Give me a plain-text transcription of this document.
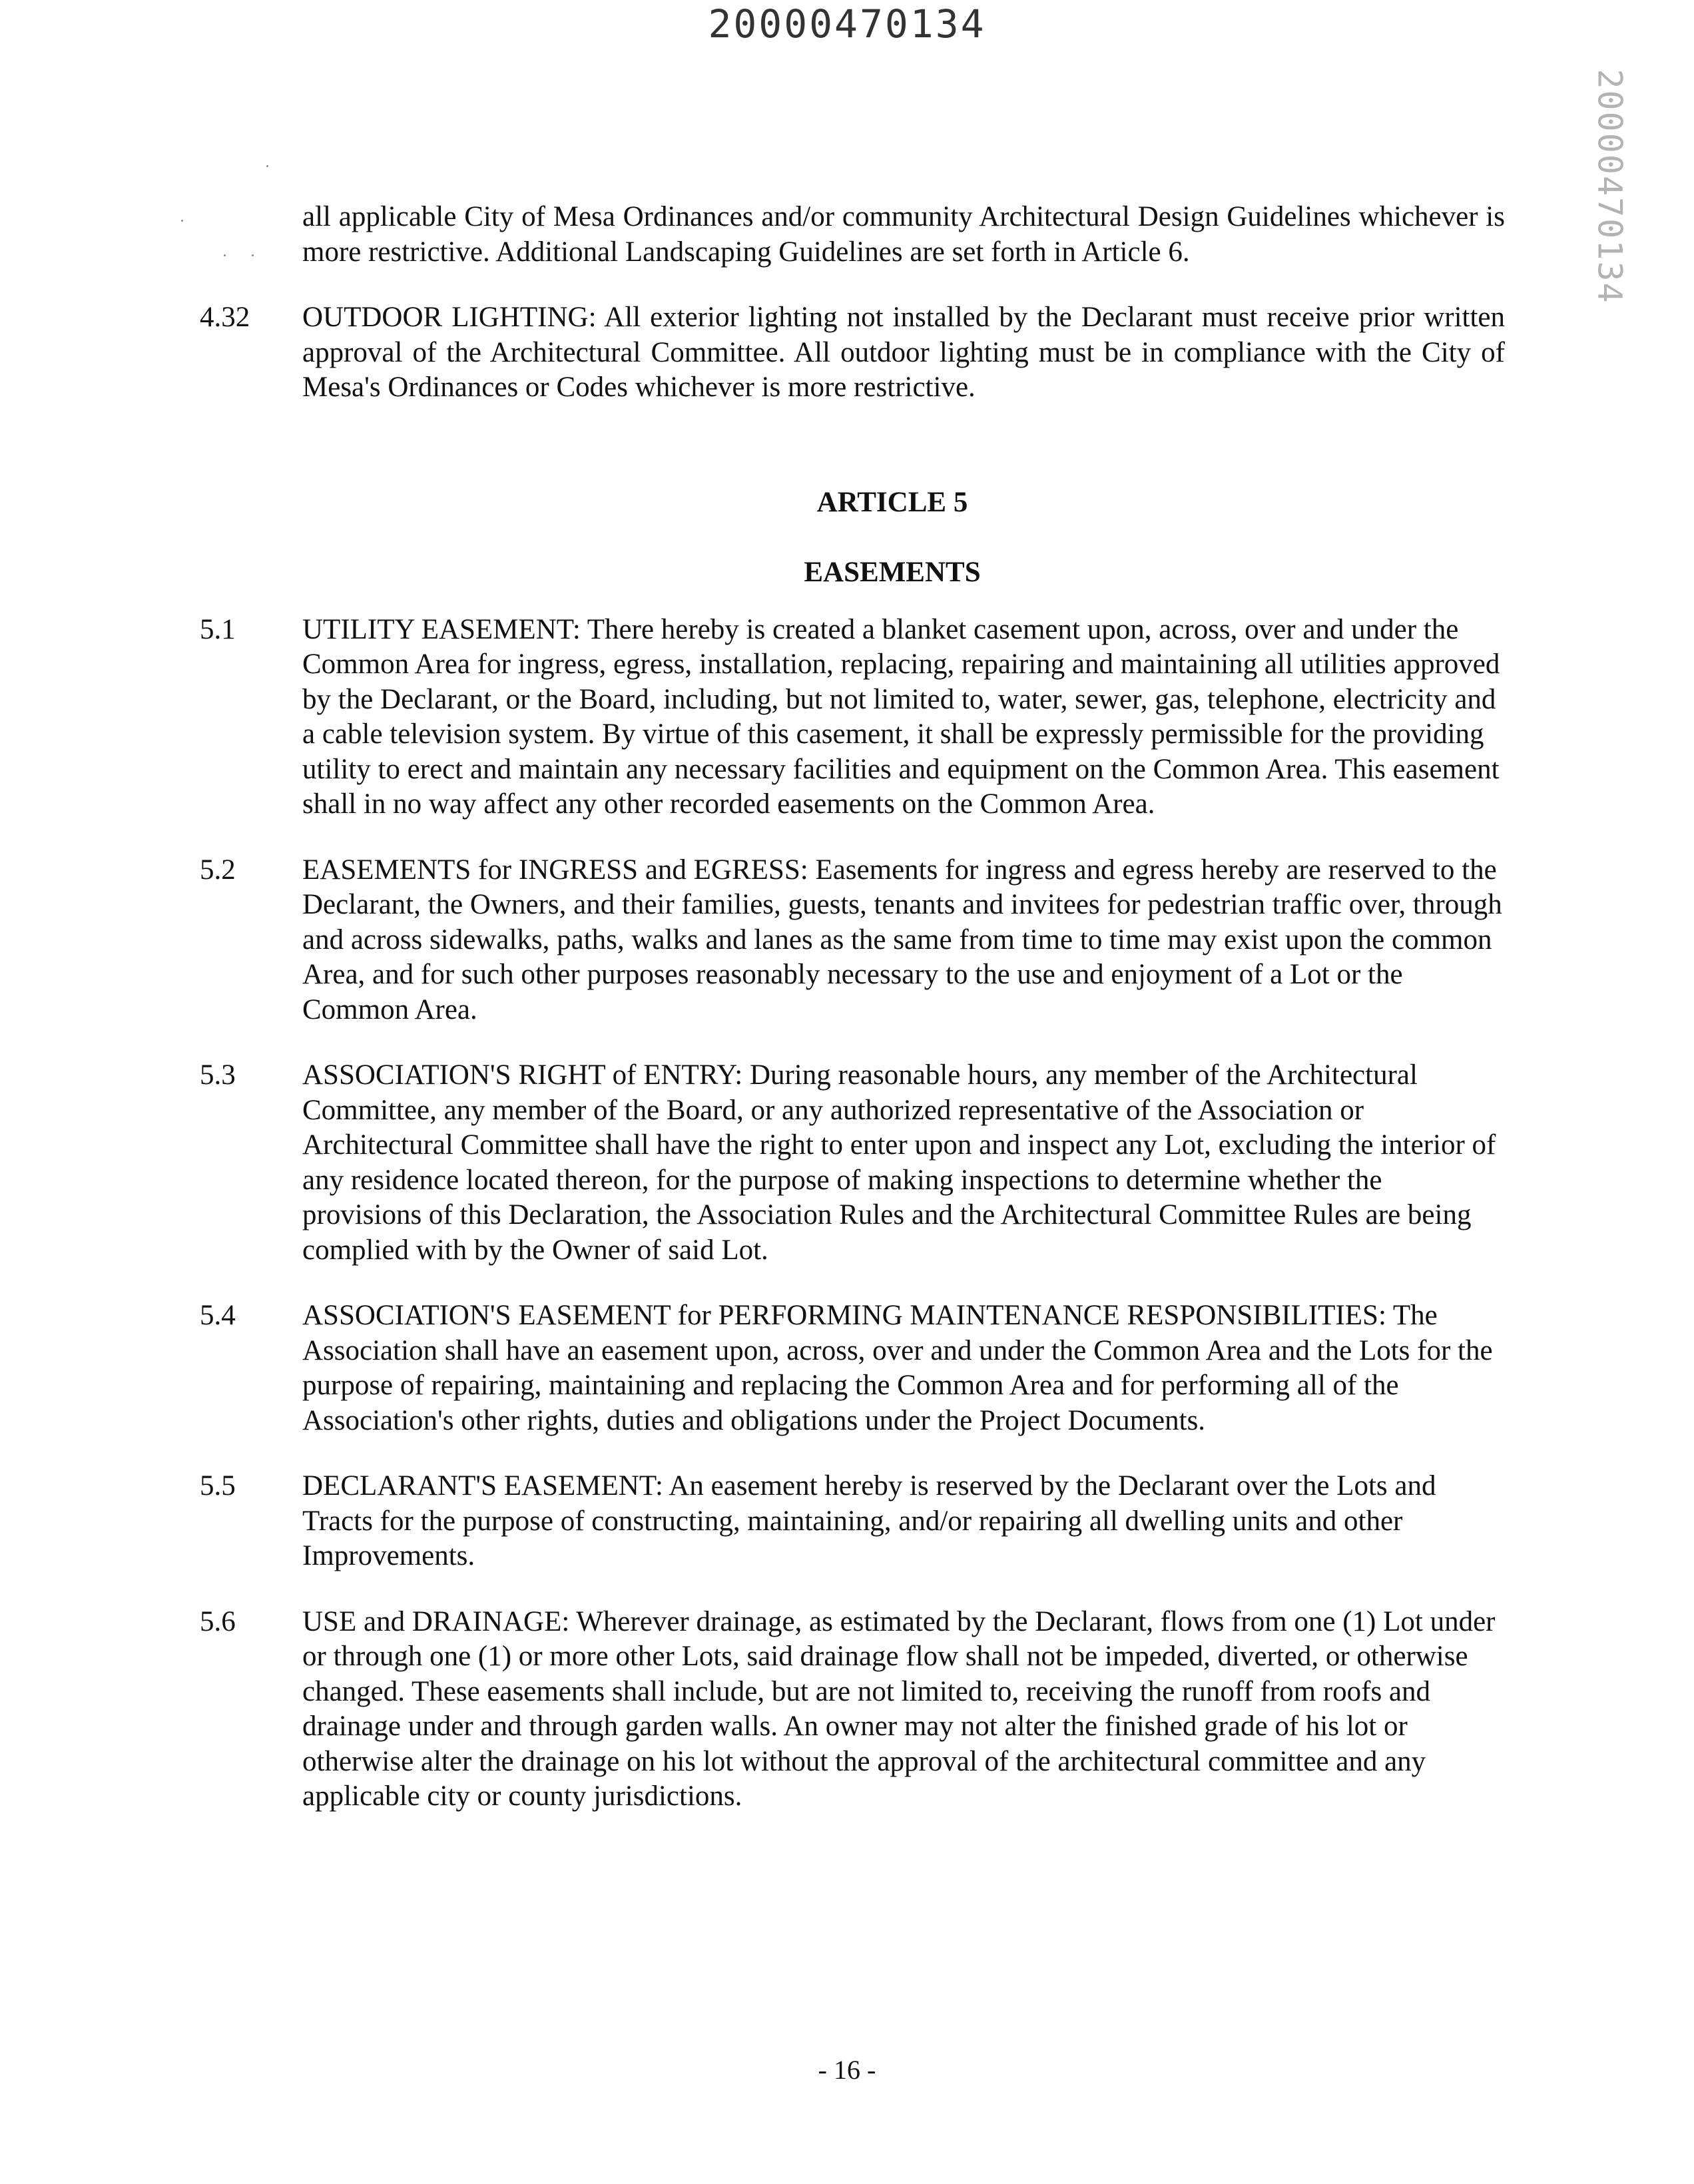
20000470134
20000470134
all applicable City of Mesa Ordinances and/or community Architectural Design Guidelines whichever is more restrictive. Additional Landscaping Guidelines are set forth in Article 6.
4.32	OUTDOOR LIGHTING: All exterior lighting not installed by the Declarant must receive prior written approval of the Architectural Committee. All outdoor lighting must be in compliance with the City of Mesa's Ordinances or Codes whichever is more restrictive.
ARTICLE 5
EASEMENTS
5.1	UTILITY EASEMENT: There hereby is created a blanket casement upon, across, over and under the Common Area for ingress, egress, installation, replacing, repairing and maintaining all utilities approved by the Declarant, or the Board, including, but not limited to, water, sewer, gas, telephone, electricity and a cable television system. By virtue of this casement, it shall be expressly permissible for the providing utility to erect and maintain any necessary facilities and equipment on the Common Area. This easement shall in no way affect any other recorded easements on the Common Area.
5.2	EASEMENTS for INGRESS and EGRESS: Easements for ingress and egress hereby are reserved to the Declarant, the Owners, and their families, guests, tenants and invitees for pedestrian traffic over, through and across sidewalks, paths, walks and lanes as the same from time to time may exist upon the common Area, and for such other purposes reasonably necessary to the use and enjoyment of a Lot or the Common Area.
5.3	ASSOCIATION'S RIGHT of ENTRY: During reasonable hours, any member of the Architectural Committee, any member of the Board, or any authorized representative of the Association or Architectural Committee shall have the right to enter upon and inspect any Lot, excluding the interior of any residence located thereon, for the purpose of making inspections to determine whether the provisions of this Declaration, the Association Rules and the Architectural Committee Rules are being complied with by the Owner of said Lot.
5.4	ASSOCIATION'S EASEMENT for PERFORMING MAINTENANCE RESPONSIBILITIES: The Association shall have an easement upon, across, over and under the Common Area and the Lots for the purpose of repairing, maintaining and replacing the Common Area and for performing all of the Association's other rights, duties and obligations under the Project Documents.
5.5	DECLARANT'S EASEMENT: An easement hereby is reserved by the Declarant over the Lots and Tracts for the purpose of constructing, maintaining, and/or repairing all dwelling units and other Improvements.
5.6	USE and DRAINAGE: Wherever drainage, as estimated by the Declarant, flows from one (1) Lot under or through one (1) or more other Lots, said drainage flow shall not be impeded, diverted, or otherwise changed. These easements shall include, but are not limited to, receiving the runoff from roofs and drainage under and through garden walls. An owner may not alter the finished grade of his lot or otherwise alter the drainage on his lot without the approval of the architectural committee and any applicable city or county jurisdictions.
- 16 -
